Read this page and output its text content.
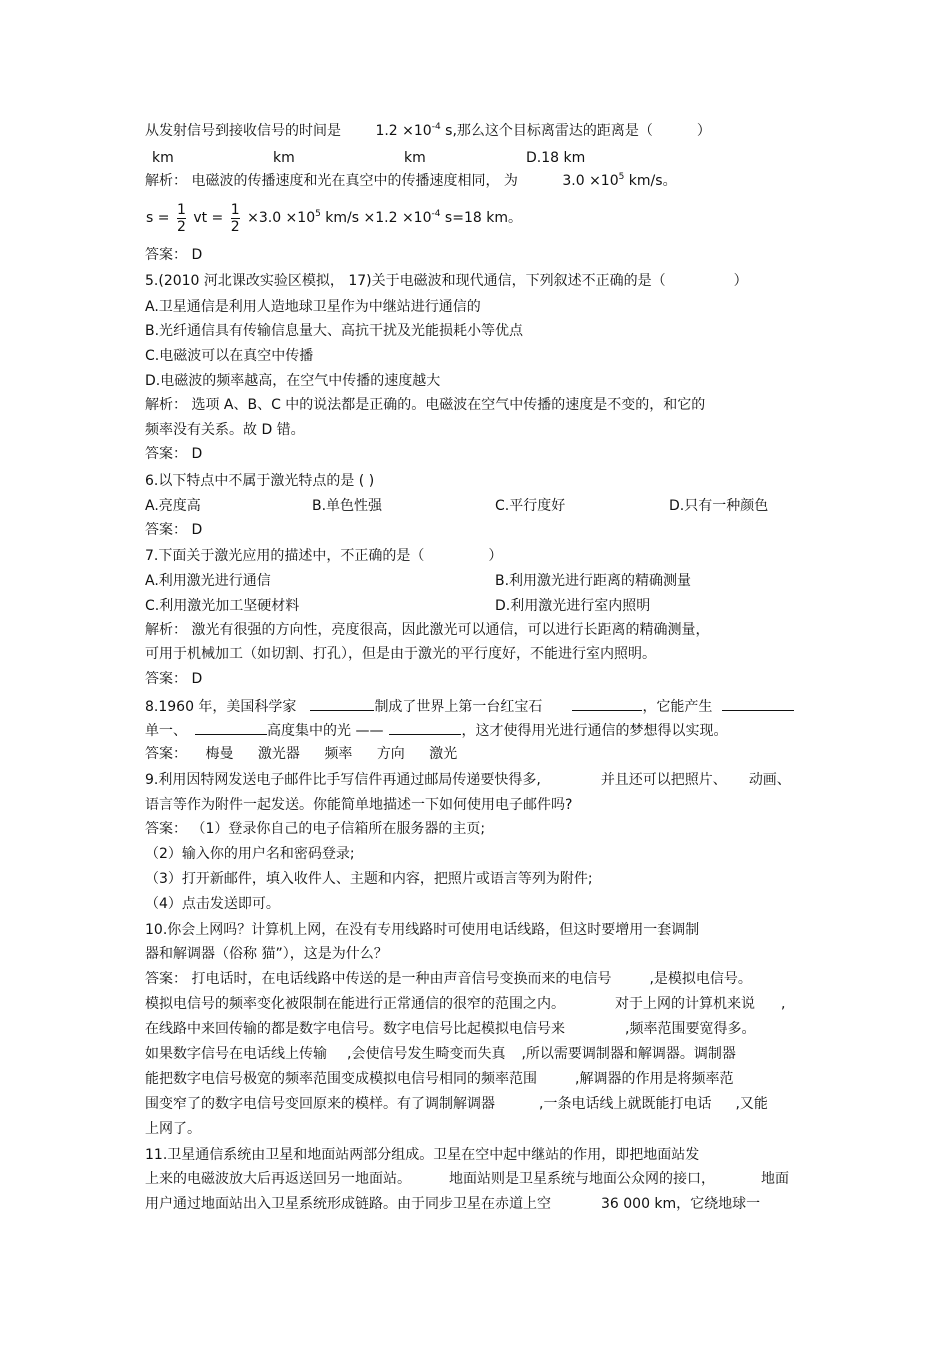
从发射信号到接收信号的时间是 $1.2 \times 10^{-4}$ s,那么这个目标离雷达的距离是（	）
km	km	km	D.18 km
解析： 电磁波的传播速度和光在真空中的传播速度相同， 为	$3.0 \times 10^5$ km/s。
$s = \frac{1}{2}$ vt = $\frac{1}{2} \times 3.0 \times 10^5$ $km/s \times 1.2 \times 10^{-4}$ s=18 km。
答案： D
5.(2010 河北课改实验区模拟， 17)关于电磁波和现代通信，下列叙述不正确的是（	）
A.卫星通信是利用人造地球卫星作为中继站进行通信的
B.光纤通信具有传输信息量大、高抗干扰及光能损耗小等优点
C.电磁波可以在真空中传播
D.电磁波的频率越高，在空气中传播的速度越大
解析： 选项 A、B、C 中的说法都是正确的。电磁波在空气中传播的速度是不变的，和它的
频率没有关系。故 D 错。
答案： D
6.以下特点中不属于激光特点的是 ( )
A.亮度高	B.单色性强	C.平行度好	D.只有一种颜色
答案： D
7.下面关于激光应用的描述中，不正确的是（	）
A.利用激光进行通信	B.利用激光进行距离的精确测量
C.利用激光加工坚硬材料	D.利用激光进行室内照明
解析： 激光有很强的方向性，亮度很高，因此激光可以通信，可以进行长距离的精确测量，
可用于机械加工（如切割、打孔），但是由于激光的平行度好，不能进行室内照明。
答案： D
8.1960 年，美国科学家	制成了世界上第一台红宝石	，它能产生
单一、	高度集中的光 ——	，这才使得用光进行通信的梦想得以实现。
答案： 梅曼 激光器 频率 方向 激光
9.利用因特网发送电子邮件比手写信件再通过邮局传递要快得多,	并且还可以把照片、 动画、
语言等作为附件一起发送。你能简单地描述一下如何使用电子邮件吗?
答案： （1）登录你自己的电子信箱所在服务器的主页;
（2）输入你的用户名和密码登录;
（3）打开新邮件，填入收件人、主题和内容，把照片或语言等列为附件;
（4）点击发送即可。
10.你会上网吗？计算机上网，在没有专用线路时可使用电话线路，但这时要增用一套调制
器和解调器（俗称 猫”），这是为什么？
答案： 打电话时，在电话线路中传送的是一种由声音信号变换而来的电信号	,是模拟电信号。
模拟电信号的频率变化被限制在能进行正常通信的很窄的范围之内。	对于上网的计算机来说 ,
在线路中来回传输的都是数字电信号。数字电信号比起模拟电信号来	,频率范围要宽得多。
如果数字信号在电话线上传输 ,会使信号发生畸变而失真 ,所以需要调制器和解调器。调制器
能把数字电信号极宽的频率范围变成模拟电信号相同的频率范围	,解调器的作用是将频率范
围变窄了的数字电信号变回原来的模样。有了调制解调器	,一条电话线上就既能打电话 ,又能
上网了。
11.卫星通信系统由卫星和地面站两部分组成。卫星在空中起中继站的作用，即把地面站发
上来的电磁波放大后再返送回另一地面站。	地面站则是卫星系统与地面公众网的接口，	地面
用户通过地面站出入卫星系统形成链路。由于同步卫星在赤道上空	36 000 km，它绕地球一
